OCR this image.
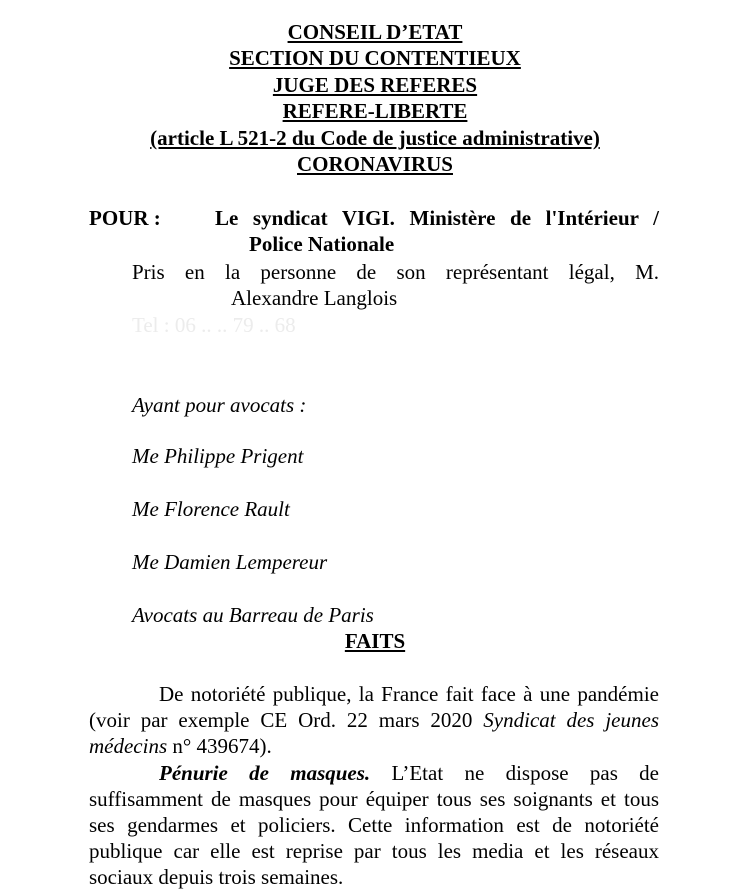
CONSEIL D’ETAT
SECTION DU CONTENTIEUX
JUGE DES REFERES
REFERE-LIBERTE
(article L 521-2 du Code de justice administrative)
CORONAVIRUS
POUR :	Le syndicat VIGI. Ministère de l'Intérieur /
Police Nationale
Pris en la personne de son représentant légal, M.
Alexandre Langlois
Tel : 06 .. .. 79 .. 68
Ayant pour avocats :
Me Philippe Prigent
Me Florence Rault
Me Damien Lempereur
Avocats au Barreau de Paris
FAITS
De notoriété publique, la France fait face à une pandémie (voir par exemple CE Ord. 22 mars 2020 Syndicat des jeunes médecins n° 439674).
Pénurie de masques. L’Etat ne dispose pas de suffisamment de masques pour équiper tous ses soignants et tous ses gendarmes et policiers. Cette information est de notoriété publique car elle est reprise par tous les media et les réseaux sociaux depuis trois semaines.
